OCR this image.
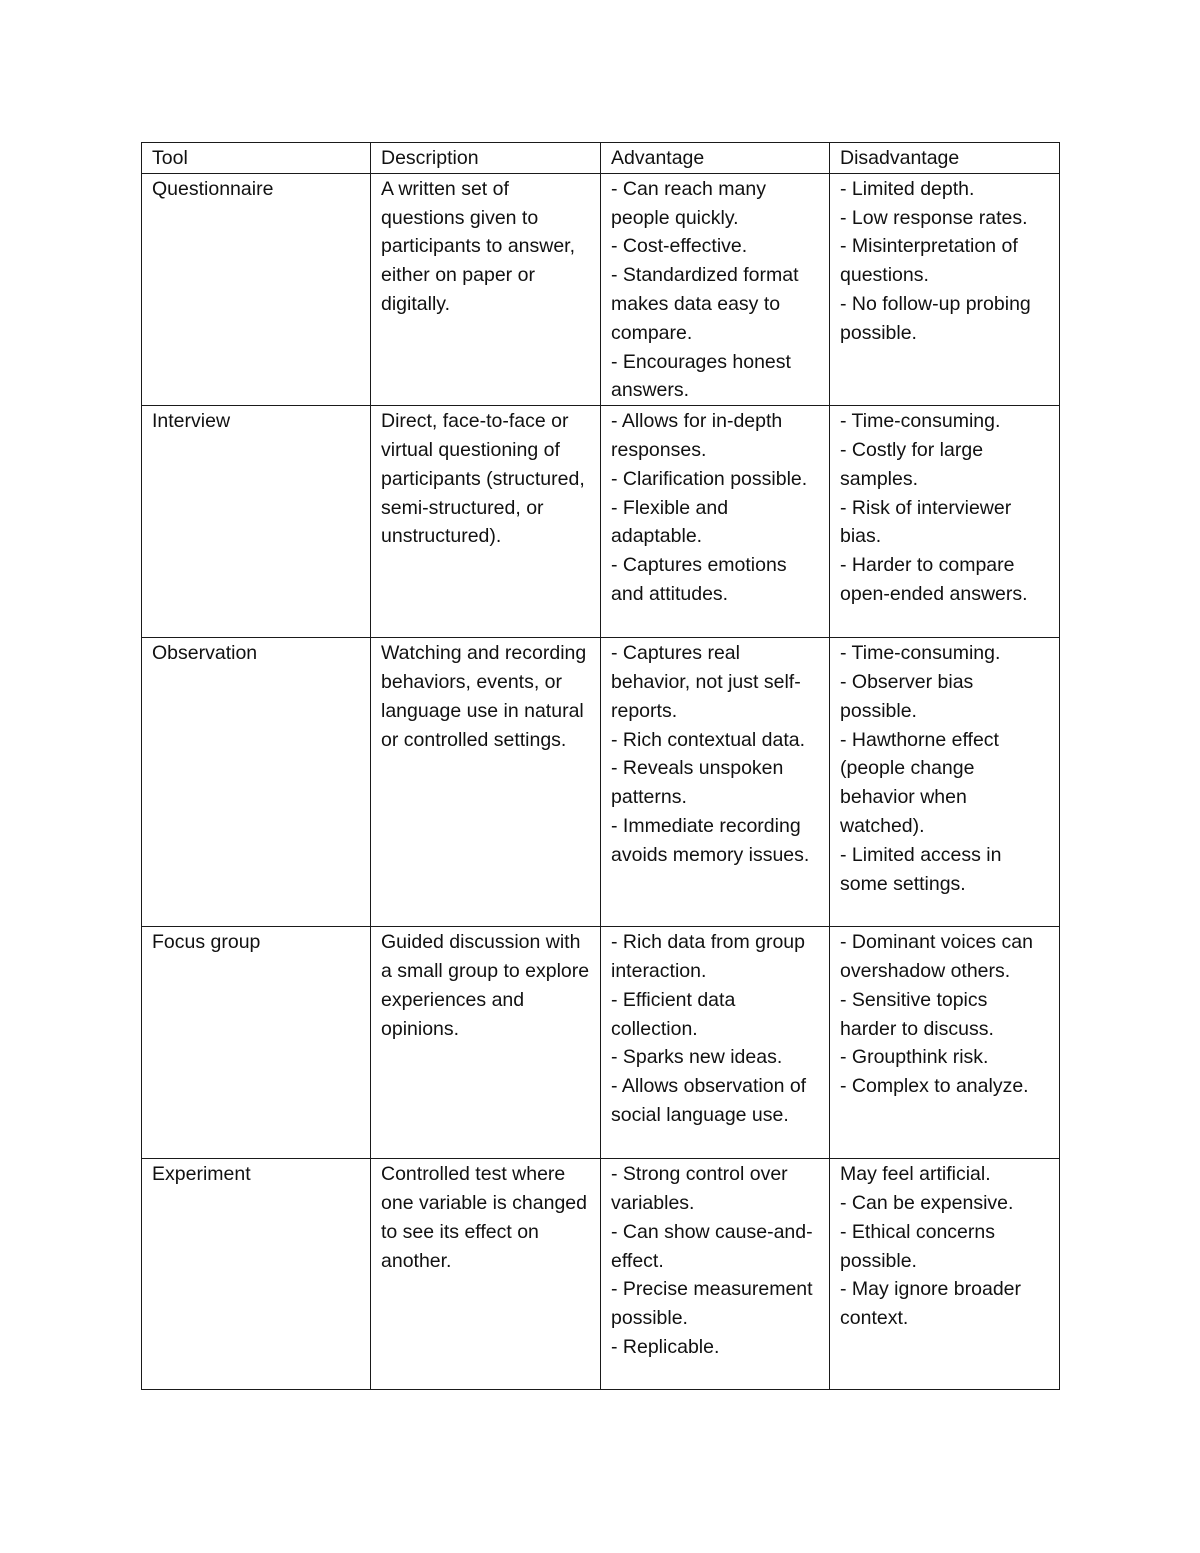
Tool	Description	Advantage	Disadvantage
Questionnaire	A written set of questions given to participants to answer, either on paper or digitally.	- Can reach many people quickly.
- Cost-effective.
- Standardized format makes data easy to compare.
- Encourages honest answers.	- Limited depth.
- Low response rates.
- Misinterpretation of questions.
- No follow-up probing possible.

Interview	Direct, face-to-face or virtual questioning of participants (structured, semi-structured, or unstructured).	- Allows for in-depth responses.
- Clarification possible.
- Flexible and adaptable.
- Captures emotions and attitudes.	- Time-consuming.
- Costly for large samples.
- Risk of interviewer bias.
- Harder to compare open-ended answers.

Observation	Watching and recording behaviors, events, or language use in natural or controlled settings.	- Captures real behavior, not just self-reports.
- Rich contextual data.
- Reveals unspoken patterns.
- Immediate recording avoids memory issues.	- Time-consuming.
- Observer bias possible.
- Hawthorne effect (people change behavior when watched).
- Limited access in some settings.

Focus group	Guided discussion with a small group to explore experiences and opinions.	- Rich data from group interaction.
- Efficient data collection.
- Sparks new ideas.
- Allows observation of social language use.	- Dominant voices can overshadow others.
- Sensitive topics harder to discuss.
- Groupthink risk.
- Complex to analyze.

Experiment	Controlled test where one variable is changed to see its effect on another.	- Strong control over variables.
- Can show cause-and-effect.
- Precise measurement possible.
- Replicable.	May feel artificial.
- Can be expensive.
- Ethical concerns possible.
- May ignore broader context.
